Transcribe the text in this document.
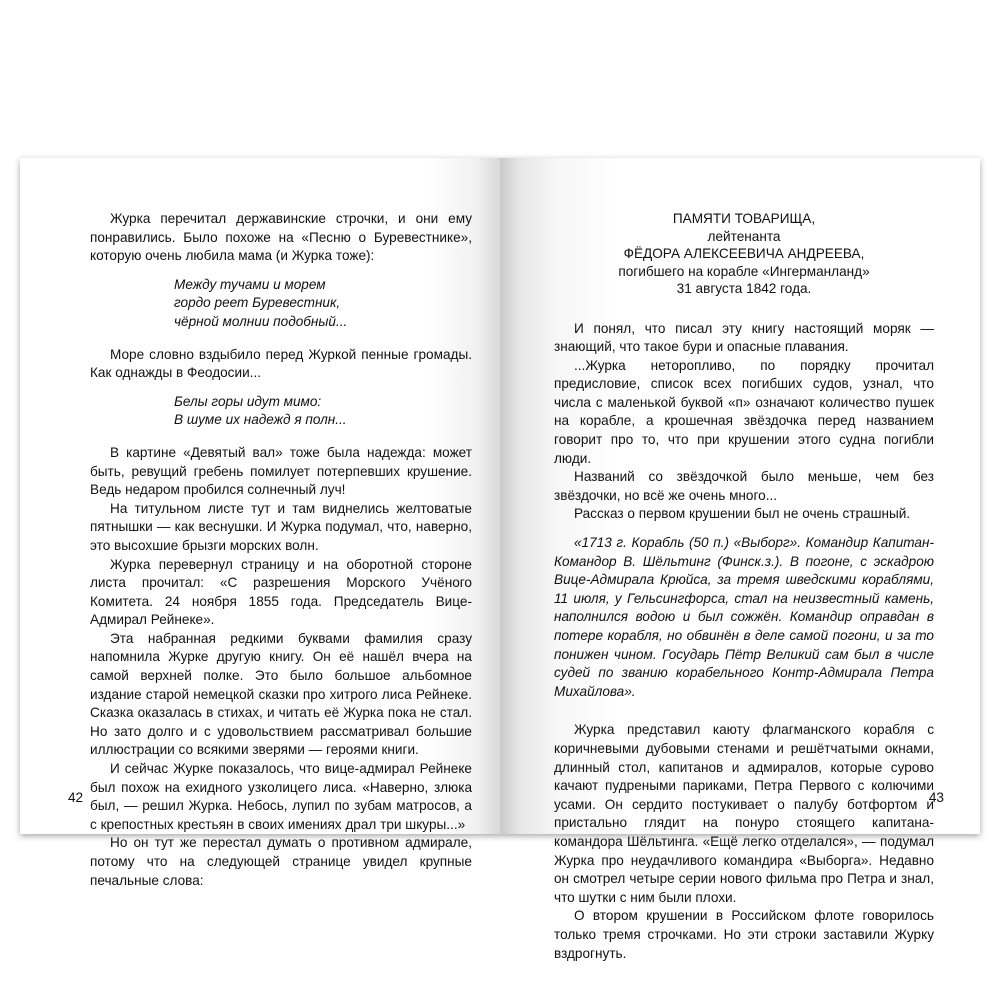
Журка перечитал державинские строчки, и они ему понравились. Было похоже на «Песню о Буревестнике», которую очень любила мама (и Журка тоже):

Между тучами и морем
гордо реет Буревестник,
чёрной молнии подобный...

Море словно вздыбило перед Журкой пенные громады. Как однажды в Феодосии...

Белы горы идут мимо:
В шуме их надежд я полн...

В картине «Девятый вал» тоже была надежда: может быть, ревущий гребень помилует потерпевших крушение. Ведь недаром пробился солнечный луч!

На титульном листе тут и там виднелись желтоватые пятнышки — как веснушки. И Журка подумал, что, наверно, это высохшие брызги морских волн.

Журка перевернул страницу и на оборотной стороне листа прочитал: «С разрешения Морского Учёного Комитета. 24 ноября 1855 года. Председатель Вице-Адмирал Рейнеке».

Эта набранная редкими буквами фамилия сразу напомнила Журке другую книгу. Он её нашёл вчера на самой верхней полке. Это было большое альбомное издание старой немецкой сказки про хитрого лиса Рейнеке. Сказка оказалась в стихах, и читать её Журка пока не стал. Но зато долго и с удовольствием рассматривал большие иллюстрации со всякими зверями — героями книги.

И сейчас Журке показалось, что вице-адмирал Рейнеке был похож на ехидного узколицего лиса. «Наверно, злюка был, — решил Журка. Небось, лупил по зубам матросов, а с крепостных крестьян в своих имениях драл три шкуры...»

Но он тут же перестал думать о противном адмирале, потому что на следующей странице увидел крупные печальные слова:

42
ПАМЯТИ ТОВАРИЩА,
лейтенанта
ФЁДОРА АЛЕКСЕЕВИЧА АНДРЕЕВА,
погибшего на корабле «Ингерманланд»
31 августа 1842 года.

И понял, что писал эту книгу настоящий моряк — знающий, что такое бури и опасные плавания.

...Журка неторопливо, по порядку прочитал предисловие, список всех погибших судов, узнал, что числа с маленькой буквой «п» означают количество пушек на корабле, а крошечная звёздочка перед названием говорит про то, что при крушении этого судна погибли люди.

Названий со звёздочкой было меньше, чем без звёздочки, но всё же очень много...

Рассказ о первом крушении был не очень страшный.

«1713 г. Корабль (50 п.) «Выборг». Командир Капитан-Командор В. Шёльтинг (Финск.з.). В погоне, с эскадрою Вице-Адмирала Крюйса, за тремя шведскими кораблями, 11 июля, у Гельсингфорса, стал на неизвестный камень, наполнился водою и был сожжён. Командир оправдан в потере корабля, но обвинён в деле самой погони, и за то понижен чином. Государь Пётр Великий сам был в числе судей по званию корабельного Контр-Адмирала Петра Михайлова».

Журка представил каюту флагманского корабля с коричневыми дубовыми стенами и решётчатыми окнами, длинный стол, капитанов и адмиралов, которые сурово качают пудреными париками, Петра Первого с колючими усами. Он сердито постукивает о палубу ботфортом и пристально глядит на понуро стоящего капитана-командора Шёльтинга. «Ещё легко отделался», — подумал Журка про неудачливого командира «Выборга». Недавно он смотрел четыре серии нового фильма про Петра и знал, что шутки с ним были плохи.

О втором крушении в Российском флоте говорилось только тремя строчками. Но эти строки заставили Журку вздрогнуть.

43
